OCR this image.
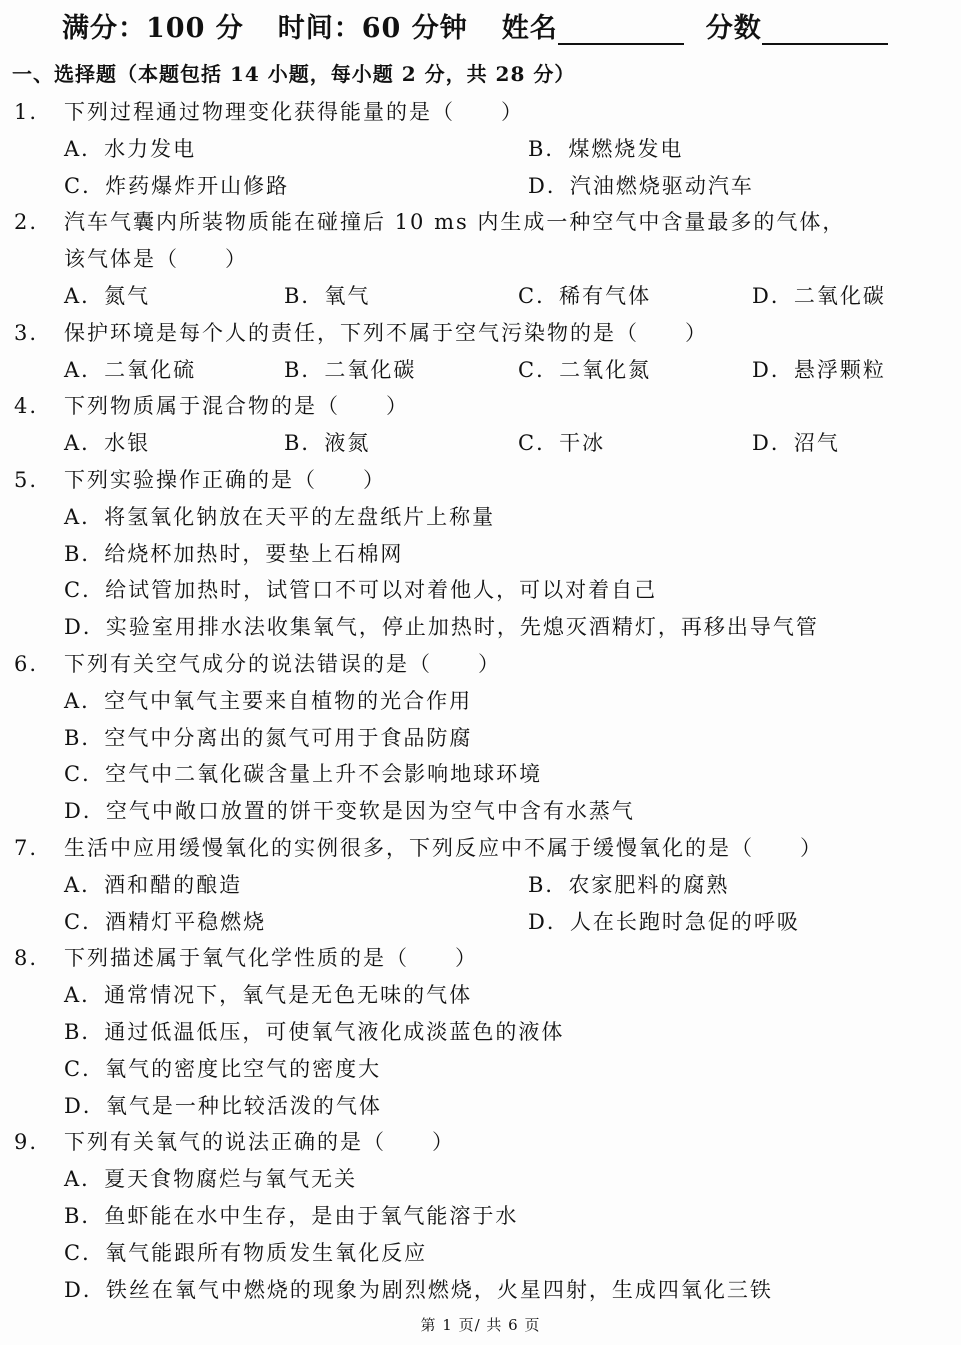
满分：100 分 时间：60 分钟 姓名	分数
一、选择题（本题包括 14 小题，每小题 2 分，共 28 分）
1. 下列过程通过物理变化获得能量的是（　　）
A．水力发电	B．煤燃烧发电
C．炸药爆炸开山修路	D．汽油燃烧驱动汽车
2. 汽车气囊内所装物质能在碰撞后 10 ms 内生成一种空气中含量最多的气体，
该气体是（　　）
A．氮气	B．氧气	C．稀有气体	D．二氧化碳
3. 保护环境是每个人的责任，下列不属于空气污染物的是（　　）
A．二氧化硫	B．二氧化碳	C．二氧化氮	D．悬浮颗粒
4. 下列物质属于混合物的是（　　）
A．水银	B．液氮	C．干冰	D．沼气
5. 下列实验操作正确的是（　　）
A．将氢氧化钠放在天平的左盘纸片上称量
B．给烧杯加热时，要垫上石棉网
C．给试管加热时，试管口不可以对着他人，可以对着自己
D．实验室用排水法收集氧气，停止加热时，先熄灭酒精灯，再移出导气管
6. 下列有关空气成分的说法错误的是（　　）
A．空气中氧气主要来自植物的光合作用
B．空气中分离出的氮气可用于食品防腐
C．空气中二氧化碳含量上升不会影响地球环境
D．空气中敞口放置的饼干变软是因为空气中含有水蒸气
7. 生活中应用缓慢氧化的实例很多，下列反应中不属于缓慢氧化的是（　　）
A．酒和醋的酿造	B．农家肥料的腐熟
C．酒精灯平稳燃烧	D．人在长跑时急促的呼吸
8. 下列描述属于氧气化学性质的是（　　）
A．通常情况下，氧气是无色无味的气体
B．通过低温低压，可使氧气液化成淡蓝色的液体
C．氧气的密度比空气的密度大
D．氧气是一种比较活泼的气体
9. 下列有关氧气的说法正确的是（　　）
A．夏天食物腐烂与氧气无关
B．鱼虾能在水中生存，是由于氧气能溶于水
C．氧气能跟所有物质发生氧化反应
D．铁丝在氧气中燃烧的现象为剧烈燃烧，火星四射，生成四氧化三铁
第 1 页/ 共 6 页
